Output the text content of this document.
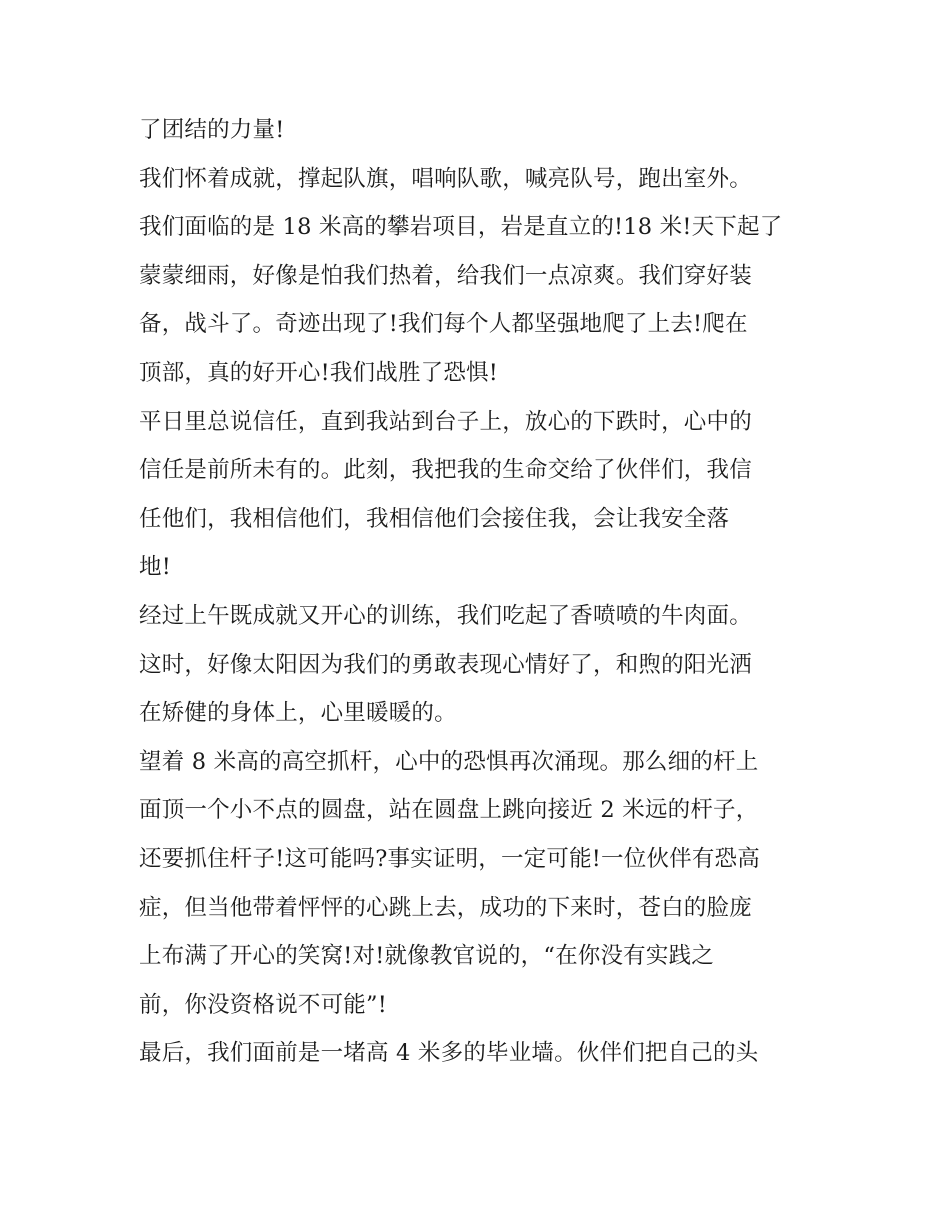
了团结的力量!
我们怀着成就，撑起队旗，唱响队歌，喊亮队号，跑出室外。
我们面临的是 18 米高的攀岩项目，岩是直立的!18 米!天下起了
蒙蒙细雨，好像是怕我们热着，给我们一点凉爽。我们穿好装
备，战斗了。奇迹出现了!我们每个人都坚强地爬了上去!爬在
顶部，真的好开心!我们战胜了恐惧!
平日里总说信任，直到我站到台子上，放心的下跌时，心中的
信任是前所未有的。此刻，我把我的生命交给了伙伴们，我信
任他们，我相信他们，我相信他们会接住我，会让我安全落
地!
经过上午既成就又开心的训练，我们吃起了香喷喷的牛肉面。
这时，好像太阳因为我们的勇敢表现心情好了，和煦的阳光洒
在矫健的身体上，心里暖暖的。
望着 8 米高的高空抓杆，心中的恐惧再次涌现。那么细的杆上
面顶一个小不点的圆盘，站在圆盘上跳向接近 2 米远的杆子，
还要抓住杆子!这可能吗?事实证明，一定可能!一位伙伴有恐高
症，但当他带着怦怦的心跳上去，成功的下来时，苍白的脸庞
上布满了开心的笑窝!对!就像教官说的，“在你没有实践之
前，你没资格说不可能”!
最后，我们面前是一堵高 4 米多的毕业墙。伙伴们把自己的头
